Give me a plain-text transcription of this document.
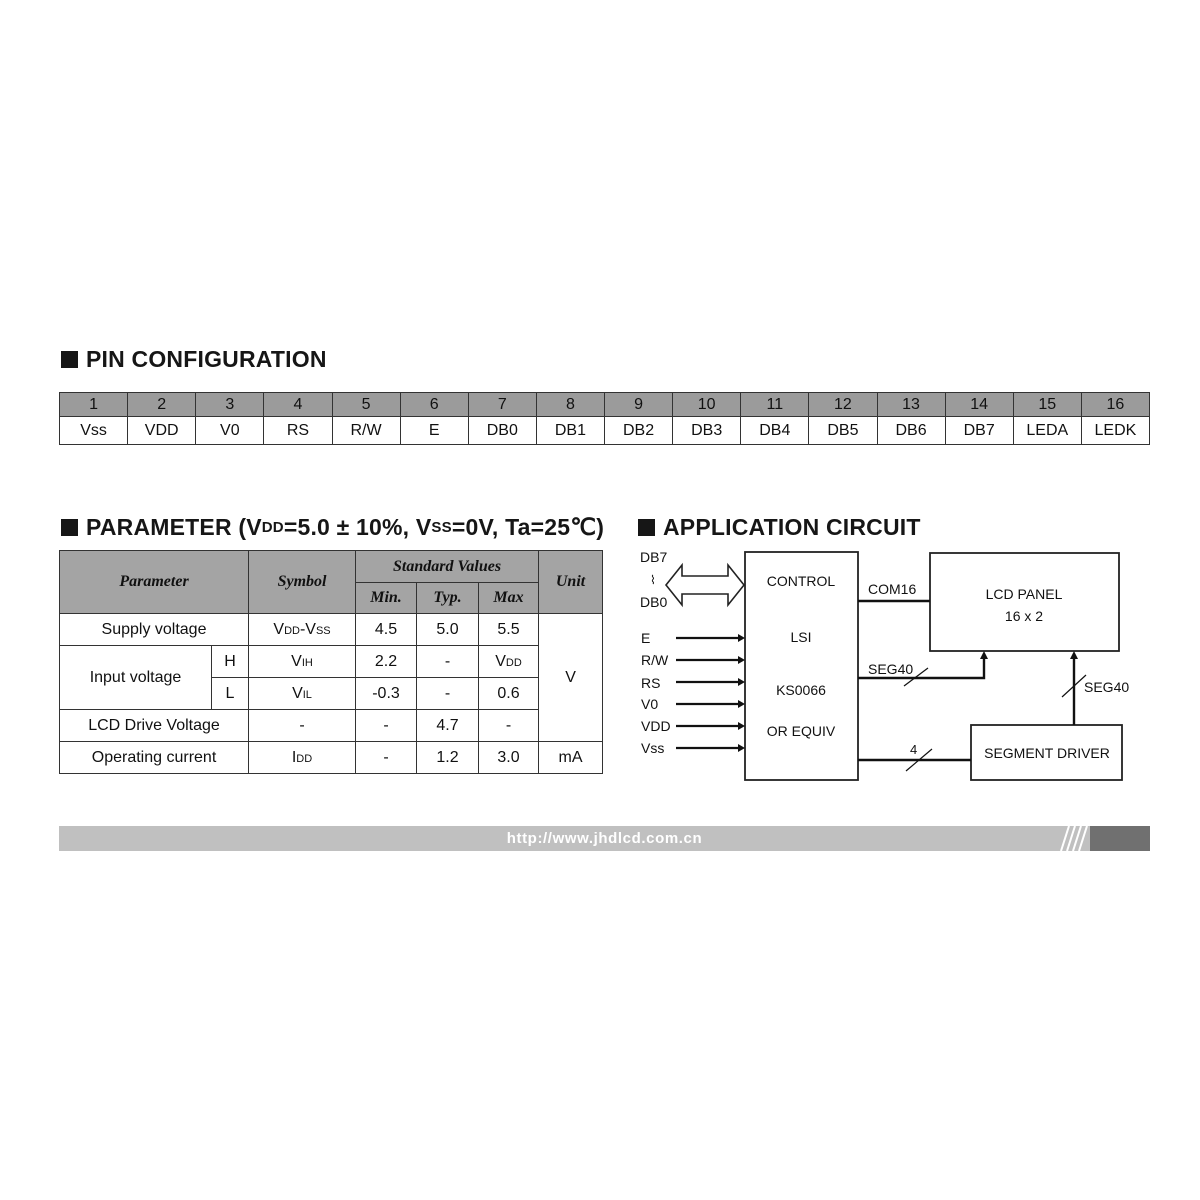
PIN CONFIGURATION
1	2	3	4	5	6	7	8	9	10	11	12	13	14	15	16
Vss	VDD	V0	RS	R/W	E	DB0	DB1	DB2	DB3	DB4	DB5	DB6	DB7	LEDA	LEDK
PARAMETER (V DD =5.0 ± 10%, V SS =0V, Ta=25℃)
Parameter		Symbol	Standard Values			Unit
			Min.	Typ.	Max	
Supply voltage		VDD-VSS	4.5	5.0	5.5	V
Input voltage	H	VIH	2.2	-	VDD	
	L	VIL	-0.3	-	0.6	
LCD Drive Voltage		-	-	4.7	-	
Operating current		IDD	-	1.2	3.0	mA
APPLICATION CIRCUIT
DB7
⌇
DB0
CONTROL
LSI
KS0066
OR EQUIV
E
R/W
RS
V0
VDD
Vss
LCD PANEL
16 x 2
COM16
SEG40
SEGMENT DRIVER
SEG40
4
http://www.jhdlcd.com.cn
